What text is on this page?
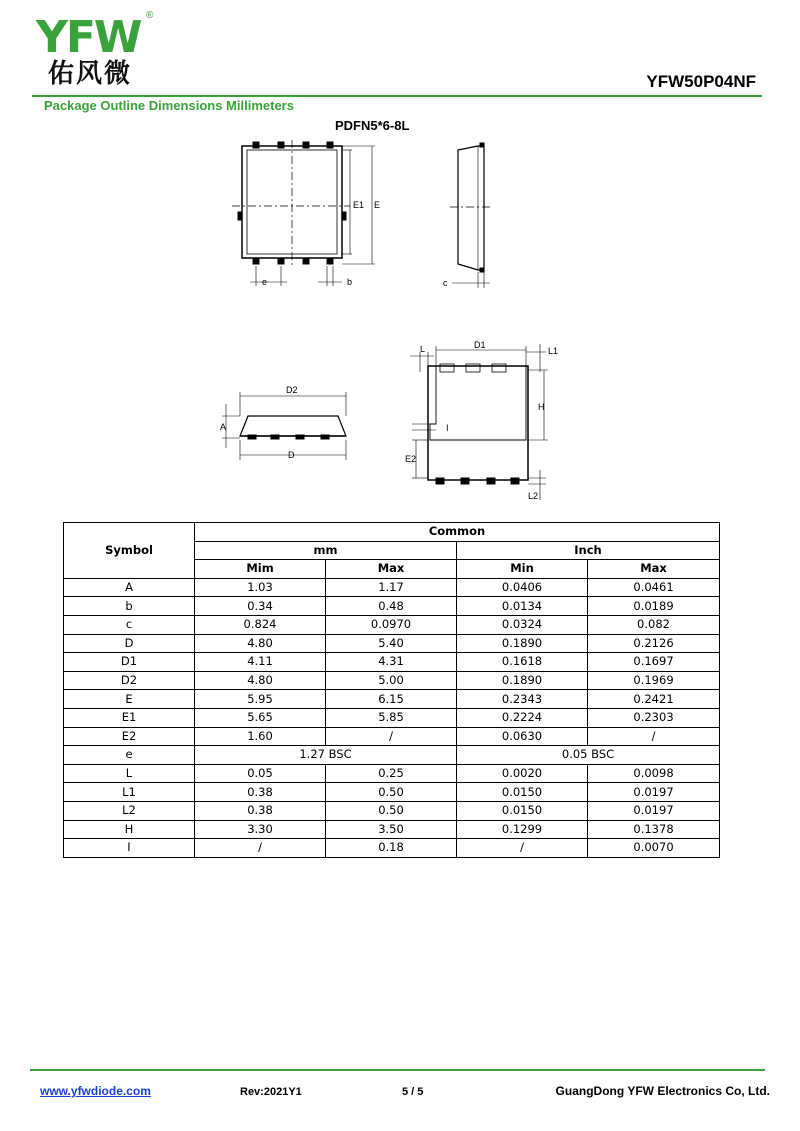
YFW ®
佑风微	YFW50P04NF
Package Outline Dimensions Millimeters
PDFN5*6-8L
e	b
E1 E
c
D2
D
A
D1
L	L1
H
I
E2
L2
Symbol	Common			
	mm		Inch	
	Mim	Max	Min	Max
A	1.03	1.17	0.0406	0.0461
b	0.34	0.48	0.0134	0.0189
c	0.824	0.0970	0.0324	0.082
D	4.80	5.40	0.1890	0.2126
D1	4.11	4.31	0.1618	0.1697
D2	4.80	5.00	0.1890	0.1969
E	5.95	6.15	0.2343	0.2421
E1	5.65	5.85	0.2224	0.2303
E2	1.60	/	0.0630	/
e	1.27 BSC		0.05 BSC	
L	0.05	0.25	0.0020	0.0098
L1	0.38	0.50	0.0150	0.0197
L2	0.38	0.50	0.0150	0.0197
H	3.30	3.50	0.1299	0.1378
I	/	0.18	/	0.0070
www.yfwdiode.com	Rev:2021Y1	5 / 5	GuangDong YFW Electronics Co, Ltd.
